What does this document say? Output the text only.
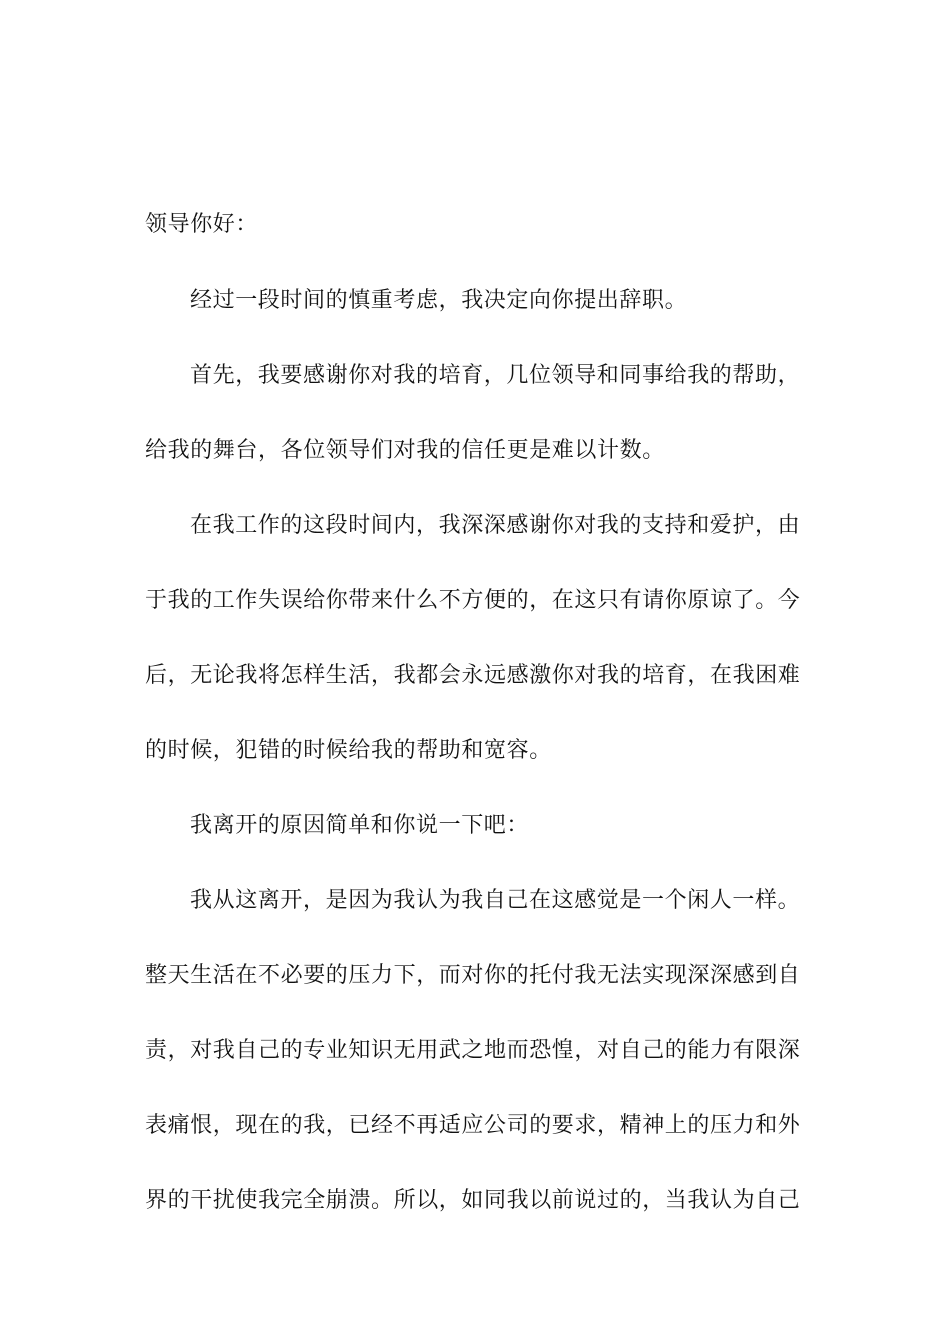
领导你好：
经过一段时间的慎重考虑，我决定向你提出辞职。
首先，我要感谢你对我的培育，几位领导和同事给我的帮助，
给我的舞台，各位领导们对我的信任更是难以计数。
在我工作的这段时间内，我深深感谢你对我的支持和爱护，由
于我的工作失误给你带来什么不方便的，在这只有请你原谅了。今
后，无论我将怎样生活，我都会永远感激你对我的培育，在我困难
的时候，犯错的时候给我的帮助和宽容。
我离开的原因简单和你说一下吧：
我从这离开，是因为我认为我自己在这感觉是一个闲人一样。
整天生活在不必要的压力下，而对你的托付我无法实现深深感到自
责，对我自己的专业知识无用武之地而恐惶，对自己的能力有限深
表痛恨，现在的我，已经不再适应公司的要求，精神上的压力和外
界的干扰使我完全崩溃。所以，如同我以前说过的，当我认为自己
